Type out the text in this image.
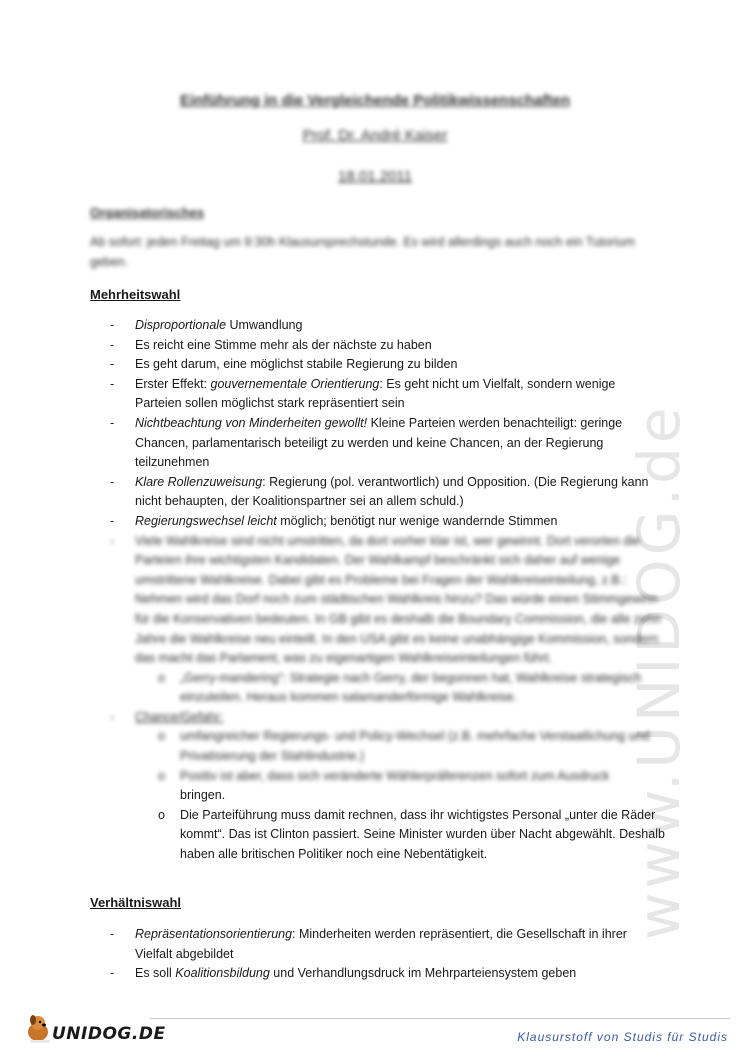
www.UNIDOG.de
Einführung in die Vergleichende Politikwissenschaften
Prof. Dr. André Kaiser
18.01.2011
Organisatorisches
Ab sofort: jeden Freitag um 9:30h Klausursprechstunde. Es wird allerdings auch noch ein Tutorium geben.
Mehrheitswahl
- Disproportionale Umwandlung
- Es reicht eine Stimme mehr als der nächste zu haben
- Es geht darum, eine möglichst stabile Regierung zu bilden
- Erster Effekt: gouvernementale Orientierung: Es geht nicht um Vielfalt, sondern wenige Parteien sollen möglichst stark repräsentiert sein
- Nichtbeachtung von Minderheiten gewollt! Kleine Parteien werden benachteiligt: geringe Chancen, parlamentarisch beteiligt zu werden und keine Chancen, an der Regierung teilzunehmen
- Klare Rollenzuweisung: Regierung (pol. verantwortlich) und Opposition. (Die Regierung kann nicht behaupten, der Koalitionspartner sei an allem schuld.)
- Regierungswechsel leicht möglich; benötigt nur wenige wandernde Stimmen
- Viele Wahlkreise sind nicht umstritten, da dort vorher klar ist, wer gewinnt. Dort verorten die Parteien ihre wichtigsten Kandidaten. Der Wahlkampf beschränkt sich daher auf wenige umstrittene Wahlkreise. Dabei gibt es Probleme bei Fragen der Wahlkreiseinteilung, z.B.: Nehmen wird das Dorf noch zum städtischen Wahlkreis hinzu? Das würde einen Stimmgewinn für die Konservativen bedeuten. In GB gibt es deshalb die Boundary Commission, die alle zehn Jahre die Wahlkreise neu einteilt. In den USA gibt es keine unabhängige Kommission, sondern das macht das Parlament, was zu eigenartigen Wahlkreiseinteilungen führt.
o „Gerry-mandering“: Strategie nach Gerry, der begonnen hat, Wahlkreise strategisch einzuteilen. Heraus kommen salamanderförmige Wahlkreise.
- Chance/Gefahr:
o umfangreicher Regierungs- und Policy-Wechsel (z.B. mehrfache Verstaatlichung und Privatisierung der Stahlindustrie.)
o Positiv ist aber, dass sich veränderte Wählerpräferenzen sofort zum Ausdruck
bringen.
o Die Parteiführung muss damit rechnen, dass ihr wichtigstes Personal „unter die Räder kommt“. Das ist Clinton passiert. Seine Minister wurden über Nacht abgewählt. Deshalb haben alle britischen Politiker noch eine Nebentätigkeit.
Verhältniswahl
- Repräsentationsorientierung: Minderheiten werden repräsentiert, die Gesellschaft in ihrer Vielfalt abgebildet
- Es soll Koalitionsbildung und Verhandlungsdruck im Mehrparteiensystem geben
UNIDOG.DE	Klausurstoff von Studis für Studis
